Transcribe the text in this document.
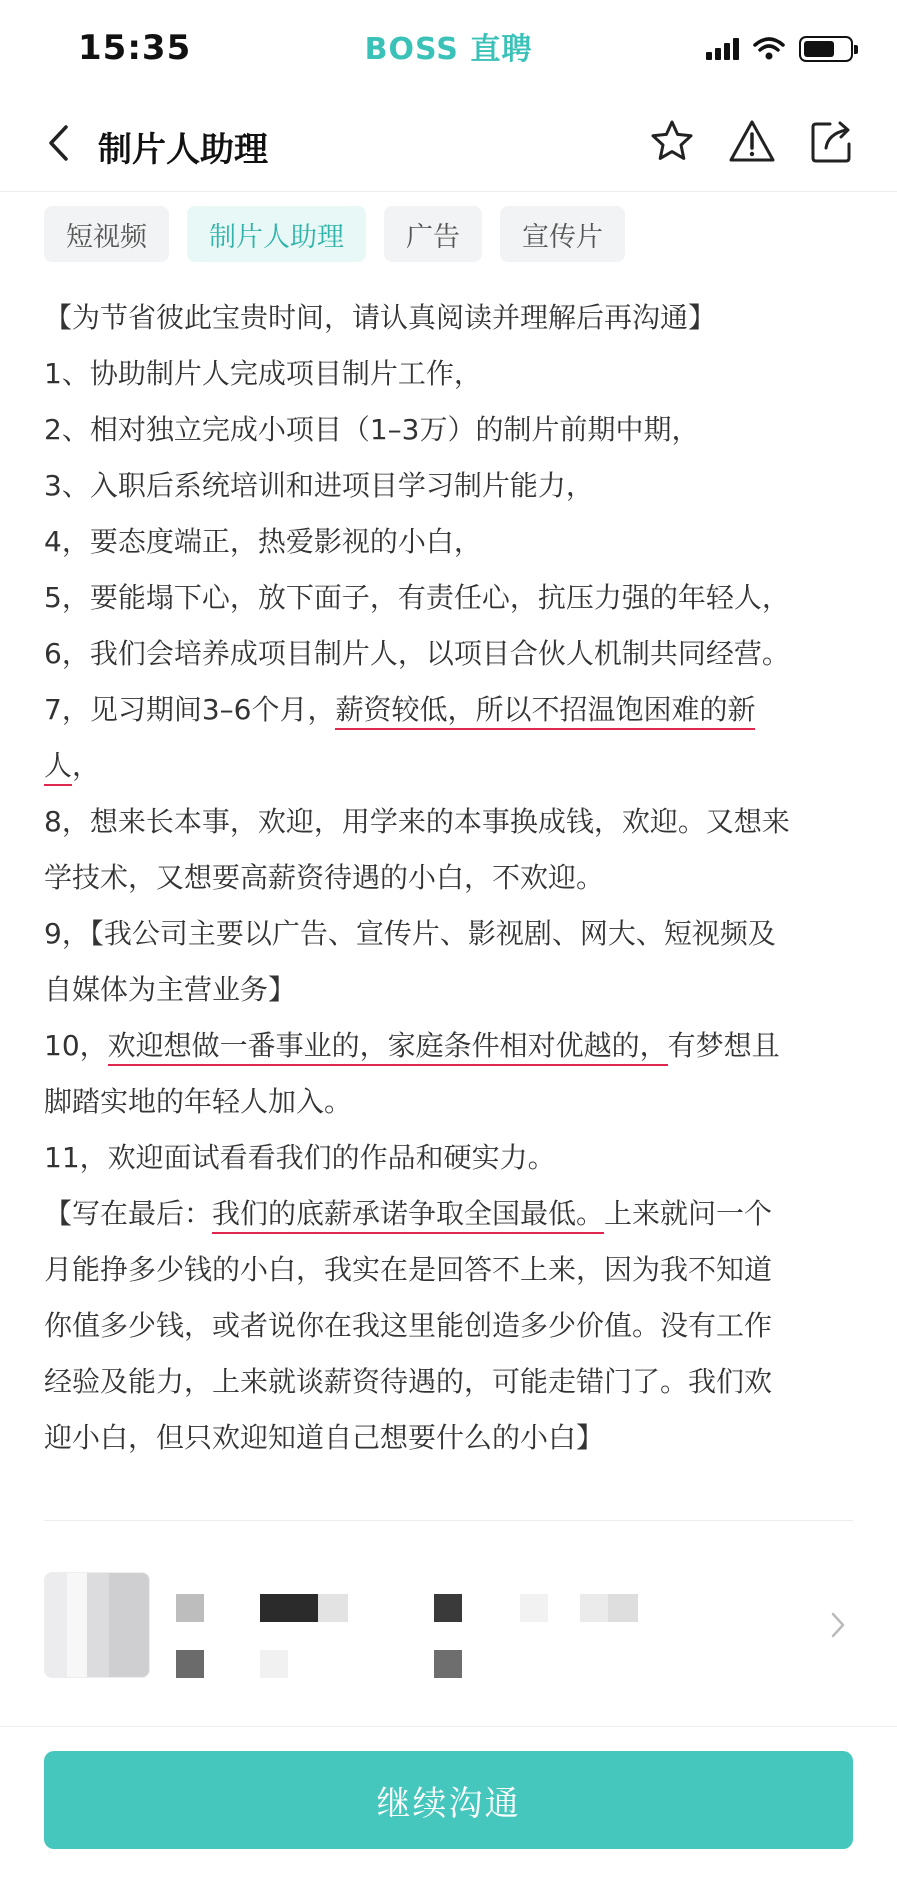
15:35	BOSS 直聘
制片人助理
短视频	制片人助理	广告	宣传片
【为节省彼此宝贵时间，请认真阅读并理解后再沟通】
1、协助制片人完成项目制片工作，
2、相对独立完成小项目（1–3万）的制片前期中期，
3、入职后系统培训和进项目学习制片能力，
4，要态度端正，热爱影视的小白，
5，要能塌下心，放下面子，有责任心，抗压力强的年轻人，
6，我们会培养成项目制片人，以项目合伙人机制共同经营。
7，见习期间3–6个月，薪资较低，所以不招温饱困难的新
人，
8，想来长本事，欢迎，用学来的本事换成钱，欢迎。又想来
学技术，又想要高薪资待遇的小白，不欢迎。
9，【我公司主要以广告、宣传片、影视剧、网大、短视频及
自媒体为主营业务】
10，欢迎想做一番事业的，家庭条件相对优越的，有梦想且
脚踏实地的年轻人加入。
11，欢迎面试看看我们的作品和硬实力。
【写在最后：我们的底薪承诺争取全国最低。上来就问一个
月能挣多少钱的小白，我实在是回答不上来，因为我不知道
你值多少钱，或者说你在我这里能创造多少价值。没有工作
经验及能力，上来就谈薪资待遇的，可能走错门了。我们欢
迎小白，但只欢迎知道自己想要什么的小白】
继续沟通
